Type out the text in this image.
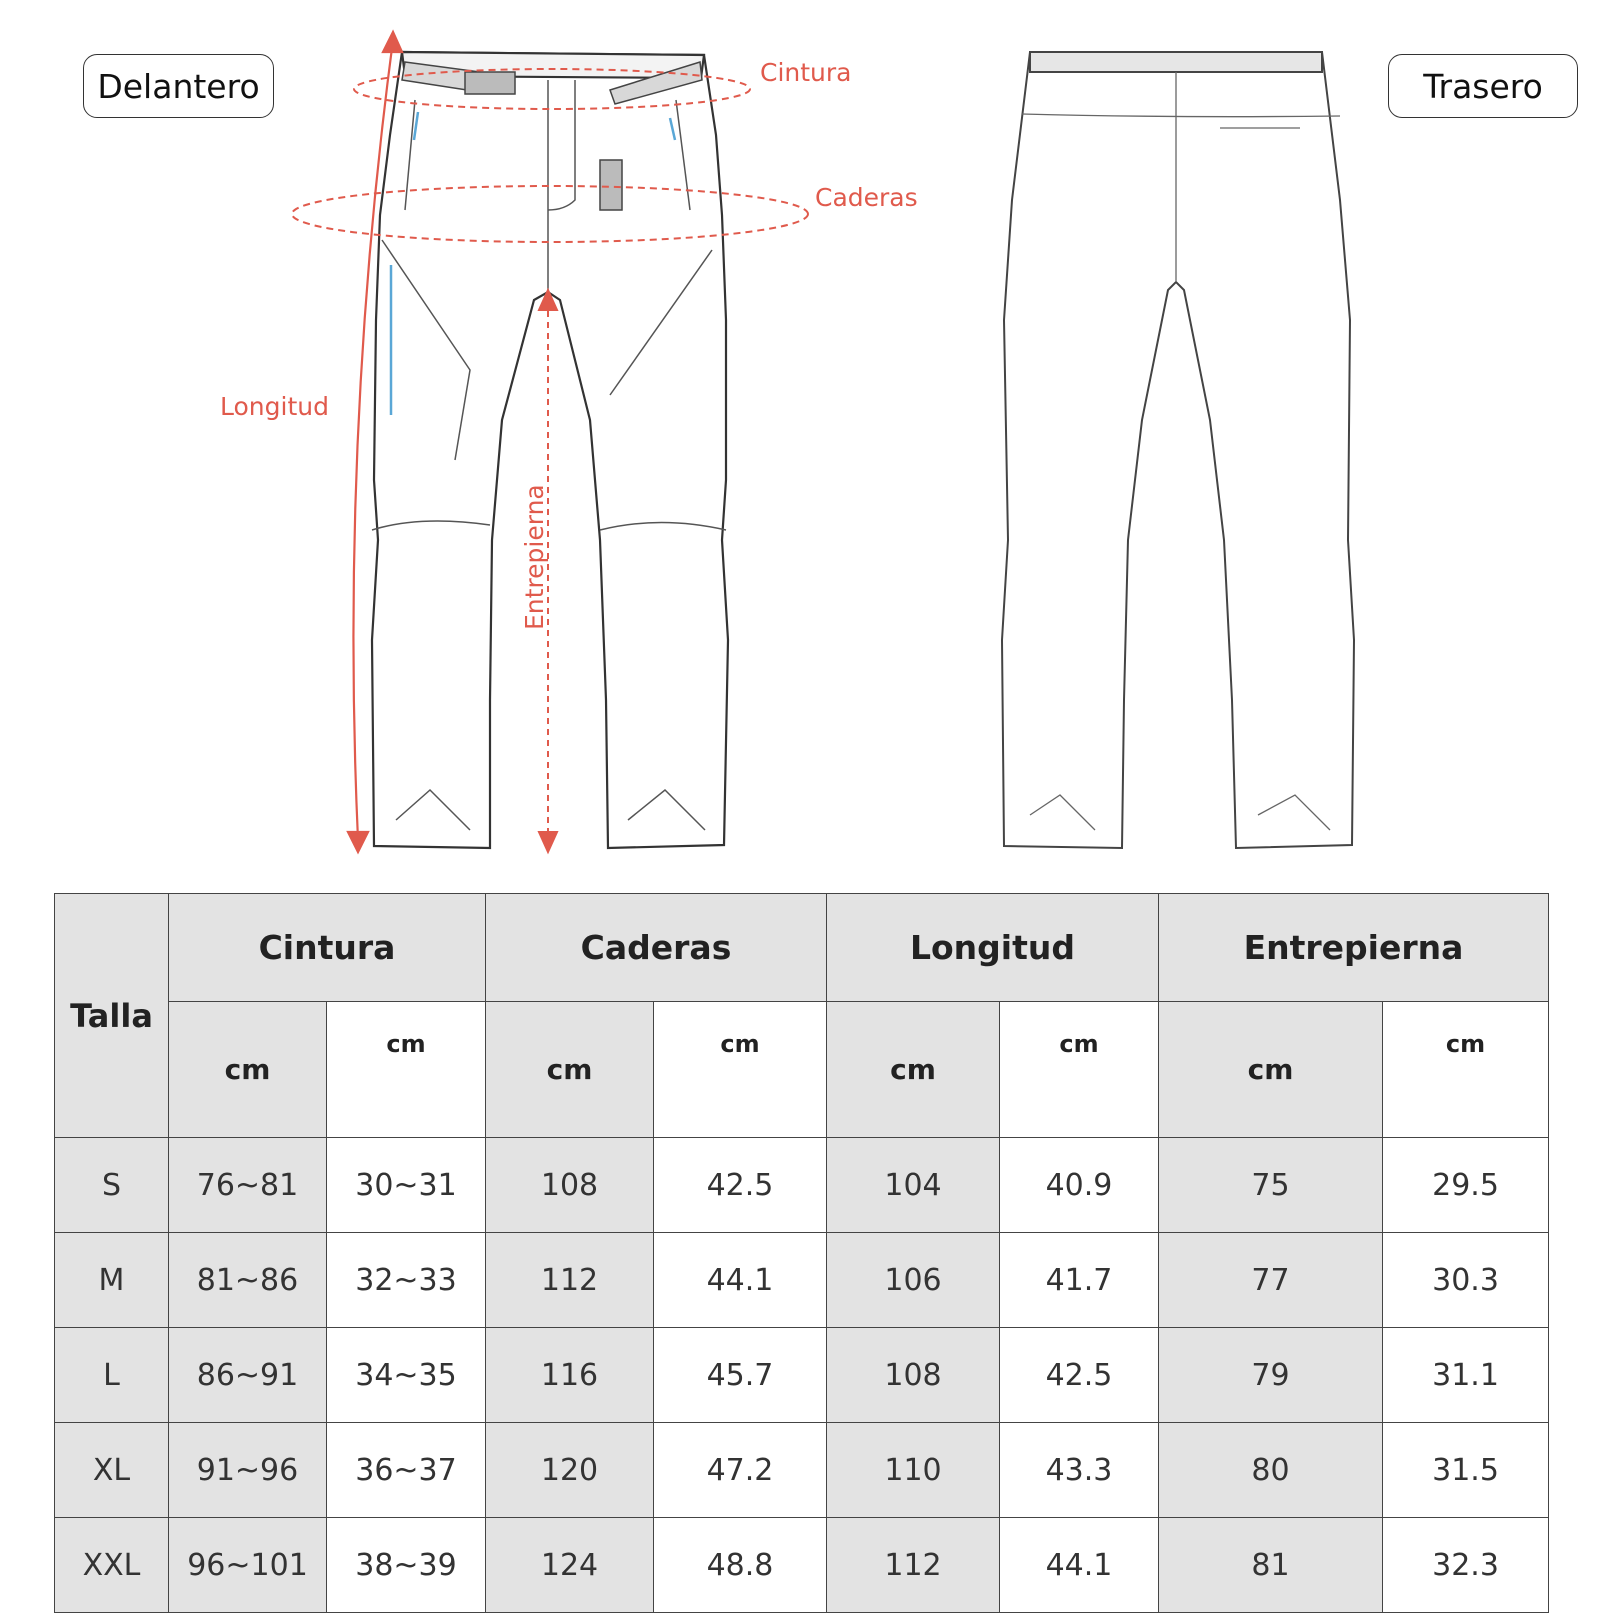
Delantero	Trasero
Cintura
Caderas
Longitud
Entrepierna
Talla	Cintura		Caderas		Longitud		Entrepierna	
	cm	cm	cm	cm	cm	cm	cm	cm
S	76~81	30~31	108	42.5	104	40.9	75	29.5
M	81~86	32~33	112	44.1	106	41.7	77	30.3
L	86~91	34~35	116	45.7	108	42.5	79	31.1
XL	91~96	36~37	120	47.2	110	43.3	80	31.5
XXL	96~101	38~39	124	48.8	112	44.1	81	32.3
